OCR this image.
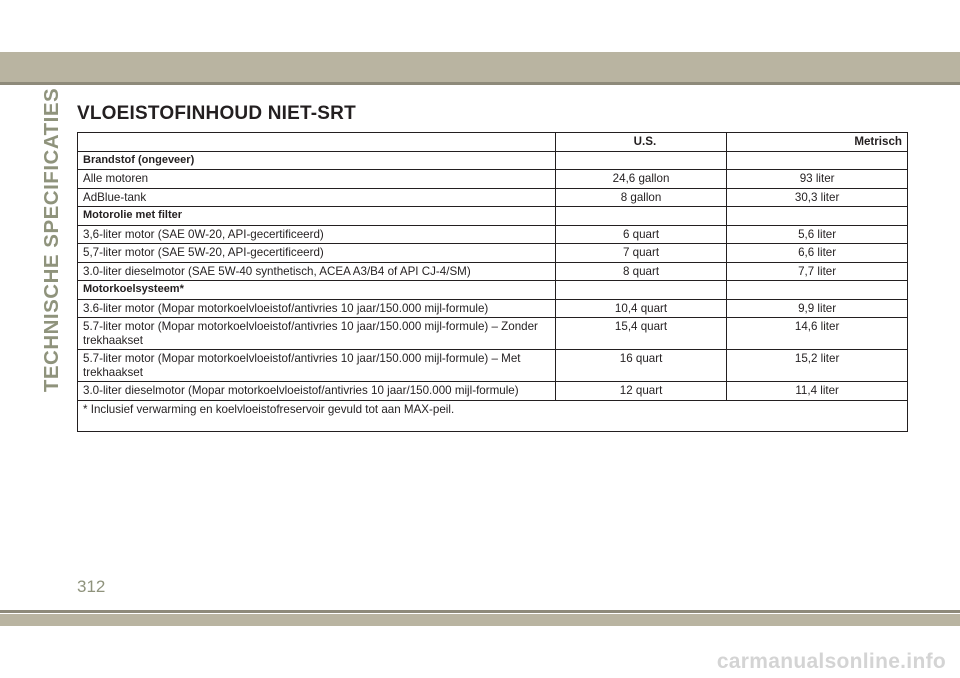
TECHNISCHE SPECIFICATIES VLOEISTOFINHOUD NIET-SRT
	U.S.	Metrisch
Brandstof (ongeveer)		
Alle motoren	24,6 gallon	93 liter
AdBlue-tank	8 gallon	30,3 liter
Motorolie met filter		
3,6-liter motor (SAE 0W-20, API-gecertificeerd)	6 quart	5,6 liter
5,7-liter motor (SAE 5W-20, API-gecertificeerd)	7 quart	6,6 liter
3.0-liter dieselmotor (SAE 5W-40 synthetisch, ACEA A3/B4 of API CJ-4/SM)	8 quart	7,7 liter
Motorkoelsysteem*		
3.6-liter motor (Mopar motorkoelvloeistof/antivries 10 jaar/150.000 mijl-formule)	10,4 quart	9,9 liter
5.7-liter motor (Mopar motorkoelvloeistof/antivries 10 jaar/150.000 mijl-formule) – Zonder trekhaakset	15,4 quart	14,6 liter
5.7-liter motor (Mopar motorkoelvloeistof/antivries 10 jaar/150.000 mijl-formule) – Met trekhaakset	16 quart	15,2 liter
3.0-liter dieselmotor (Mopar motorkoelvloeistof/antivries 10 jaar/150.000 mijl-formule)	12 quart	11,4 liter
* Inclusief verwarming en koelvloeistofreservoir gevuld tot aan MAX-peil.		
312
carmanualsonline.info
